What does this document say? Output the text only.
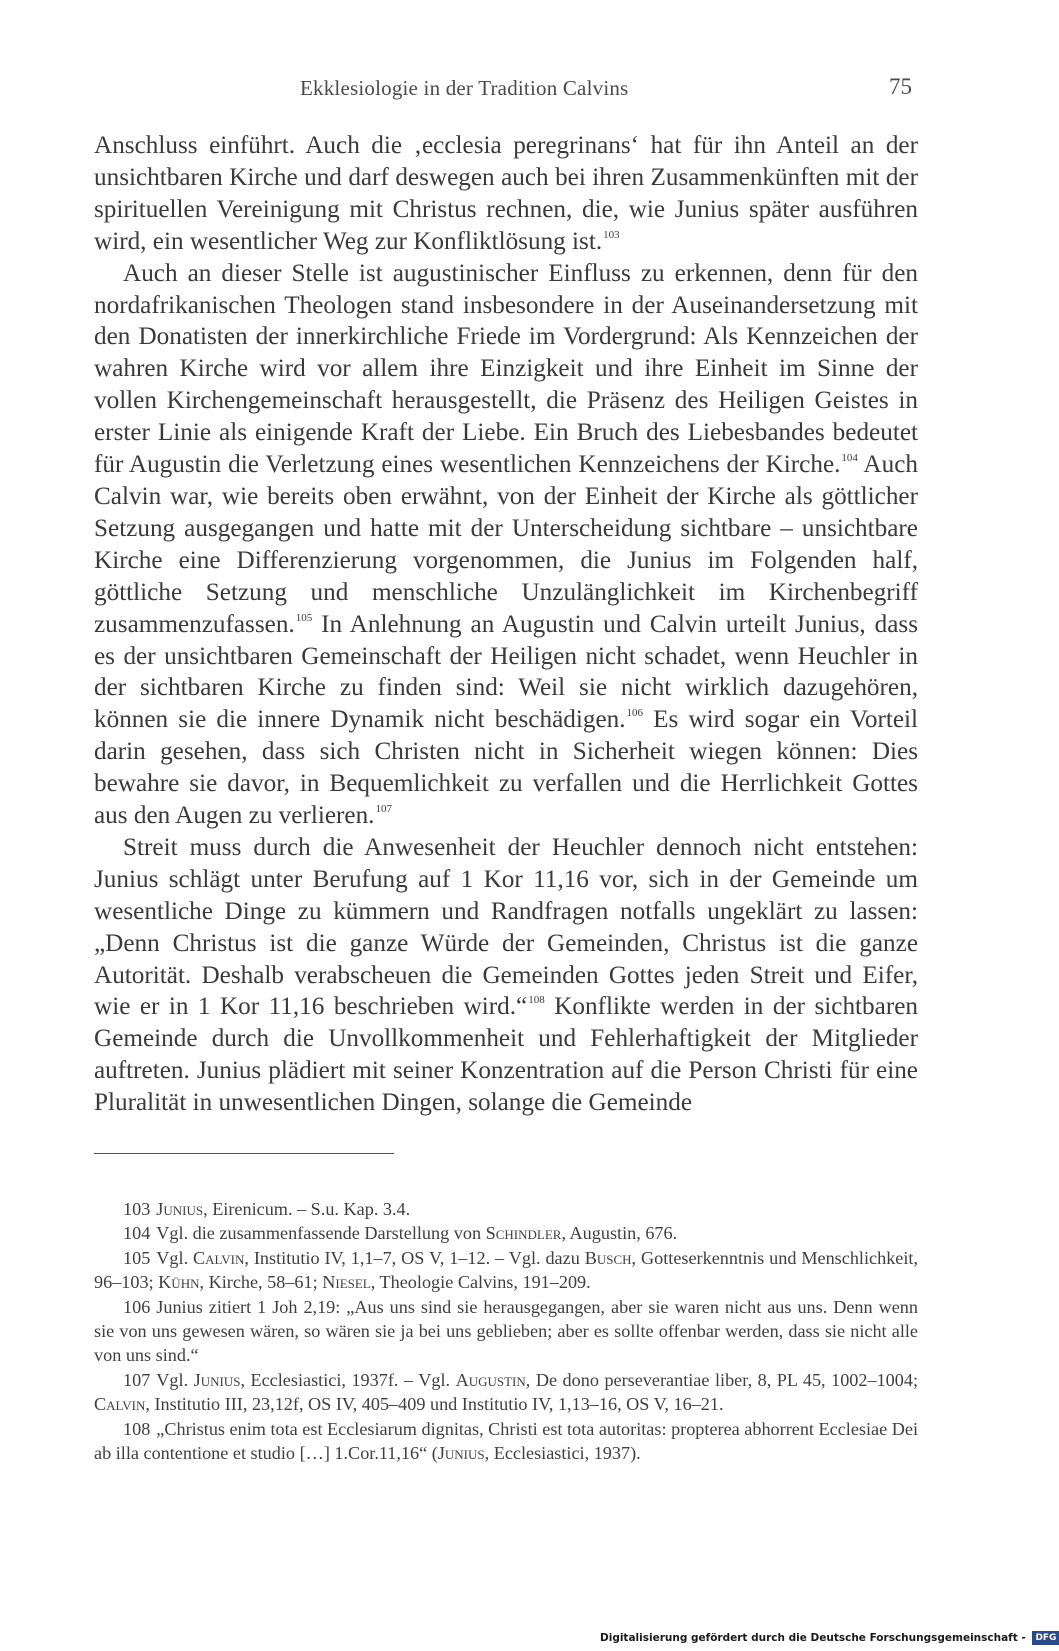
Ekklesiologie in der Tradition Calvins	75

Anschluss einführt. Auch die ‚ecclesia peregrinans‘ hat für ihn Anteil an der unsichtbaren Kirche und darf deswegen auch bei ihren Zusammenkünften mit der spirituellen Vereinigung mit Christus rechnen, die, wie Junius später ausführen wird, ein wesentlicher Weg zur Konfliktlösung ist.$^{103}$

Auch an dieser Stelle ist augustinischer Einfluss zu erkennen, denn für den nordafrikanischen Theologen stand insbesondere in der Auseinandersetzung mit den Donatisten der innerkirchliche Friede im Vordergrund: Als Kennzeichen der wahren Kirche wird vor allem ihre Einzigkeit und ihre Einheit im Sinne der vollen Kirchengemeinschaft herausgestellt, die Präsenz des Heiligen Geistes in erster Linie als einigende Kraft der Liebe. Ein Bruch des Liebesbandes bedeutet für Augustin die Verletzung eines wesentlichen Kennzeichens der Kirche.$^{104}$ Auch Calvin war, wie bereits oben erwähnt, von der Einheit der Kirche als göttlicher Setzung ausgegangen und hatte mit der Unterscheidung sichtbare – unsichtbare Kirche eine Differenzierung vorgenommen, die Junius im Folgenden half, göttliche Setzung und menschliche Unzulänglichkeit im Kirchenbegriff zusammenzufassen.$^{105}$ In Anlehnung an Augustin und Calvin urteilt Junius, dass es der unsichtbaren Gemeinschaft der Heiligen nicht schadet, wenn Heuchler in der sichtbaren Kirche zu finden sind: Weil sie nicht wirklich dazugehören, können sie die innere Dynamik nicht beschädigen.$^{106}$ Es wird sogar ein Vorteil darin gesehen, dass sich Christen nicht in Sicherheit wiegen können: Dies bewahre sie davor, in Bequemlichkeit zu verfallen und die Herrlichkeit Gottes aus den Augen zu verlieren.$^{107}$

Streit muss durch die Anwesenheit der Heuchler dennoch nicht entstehen: Junius schlägt unter Berufung auf 1 Kor 11,16 vor, sich in der Gemeinde um wesentliche Dinge zu kümmern und Randfragen notfalls ungeklärt zu lassen: „Denn Christus ist die ganze Würde der Gemeinden, Christus ist die ganze Autorität. Deshalb verabscheuen die Gemeinden Gottes jeden Streit und Eifer, wie er in 1 Kor 11,16 beschrieben wird.“$^{108}$ Konflikte werden in der sichtbaren Gemeinde durch die Unvollkommenheit und Fehlerhaftigkeit der Mitglieder auftreten. Junius plädiert mit seiner Konzentration auf die Person Christi für eine Pluralität in unwesentlichen Dingen, solange die Gemeinde

103 Junius, Eirenicum. – S.u. Kap. 3.4.

104 Vgl. die zusammenfassende Darstellung von Schindler, Augustin, 676.

105 Vgl. Calvin, Institutio IV, 1,1–7, OS V, 1–12. – Vgl. dazu Busch, Gotteserkenntnis und Menschlichkeit, 96–103; Kühn, Kirche, 58–61; Niesel, Theologie Calvins, 191–209.

106 Junius zitiert 1 Joh 2,19: „Aus uns sind sie herausgegangen, aber sie waren nicht aus uns. Denn wenn sie von uns gewesen wären, so wären sie ja bei uns geblieben; aber es sollte offenbar werden, dass sie nicht alle von uns sind.“

107 Vgl. Junius, Ecclesiastici, 1937f. – Vgl. Augustin, De dono perseverantiae liber, 8, PL 45, 1002–1004; Calvin, Institutio III, 23,12f, OS IV, 405–409 und Institutio IV, 1,13–16, OS V, 16–21.

108 „Christus enim tota est Ecclesiarum dignitas, Christi est tota autoritas: propterea abhorrent Ecclesiae Dei ab illa contentione et studio […] 1.Cor.11,16“ (Junius, Ecclesiastici, 1937).

Digitalisierung gefördert durch die Deutsche Forschungsgemeinschaft - DFG
